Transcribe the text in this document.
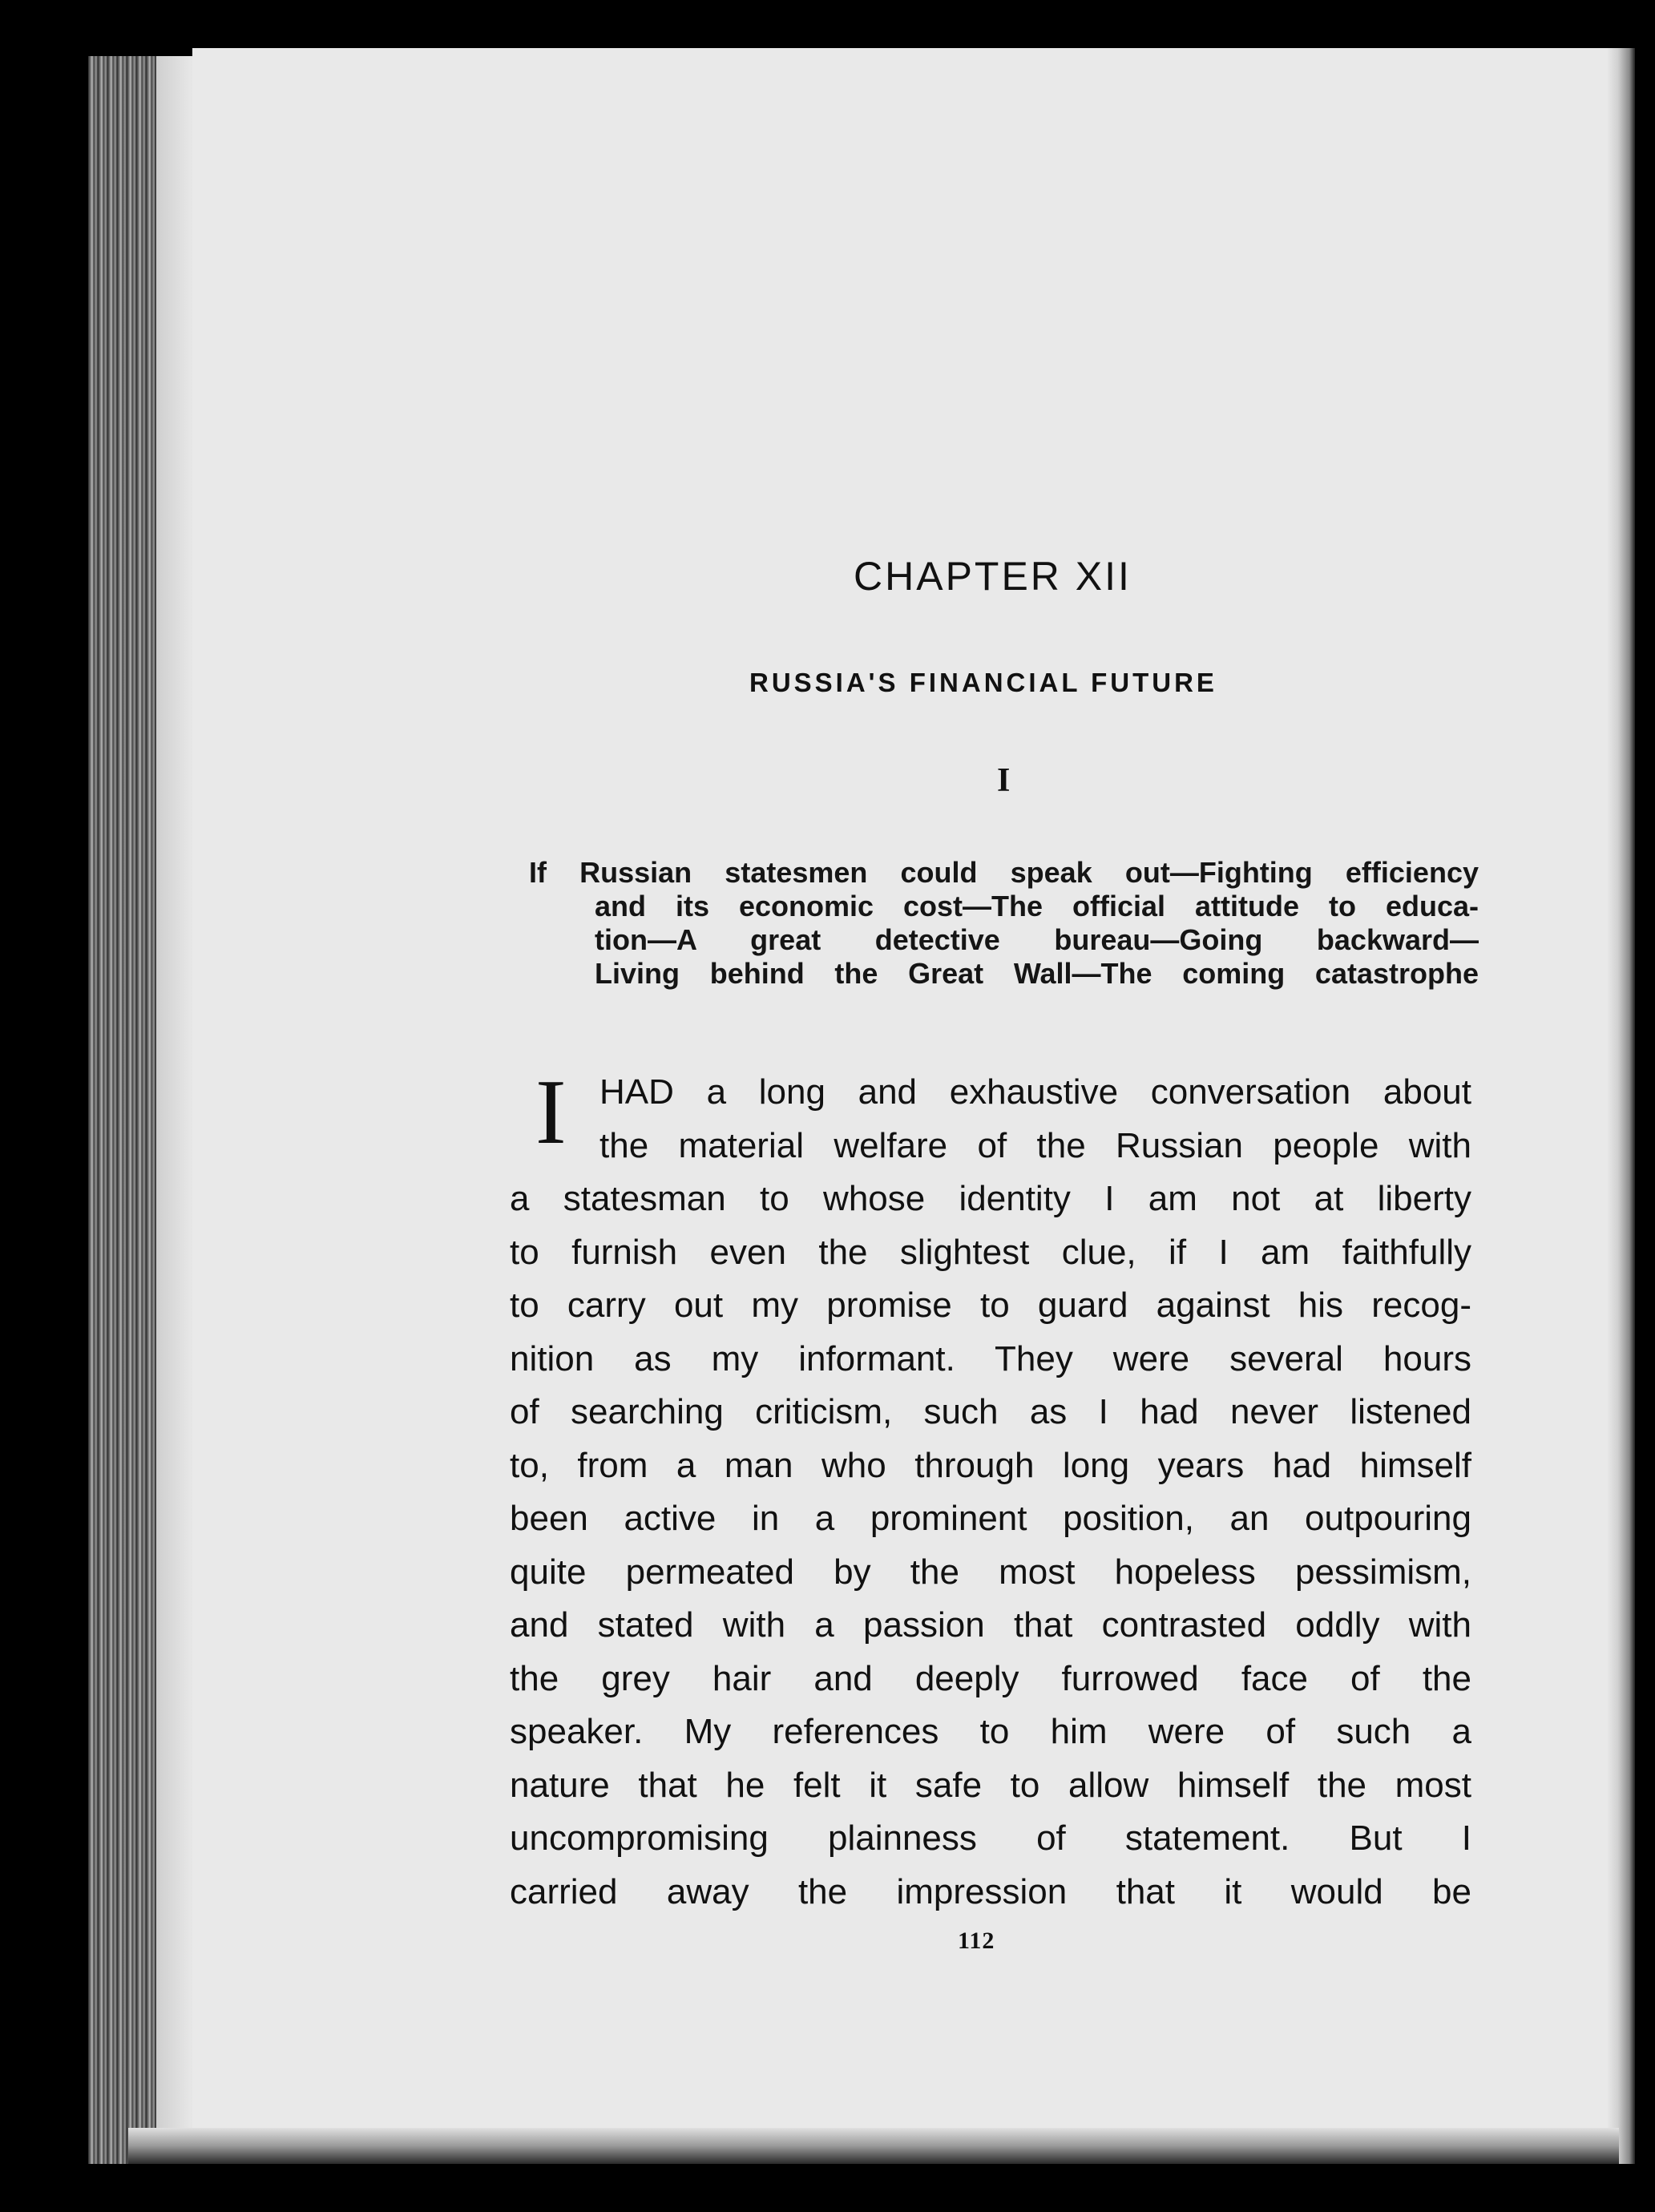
CHAPTER XII
RUSSIA'S FINANCIAL FUTURE
I
If Russian statesmen could speak out—Fighting efficiency
and its economic cost—The official attitude to educa-
tion—A great detective bureau—Going backward—
Living behind the Great Wall—The coming catastrophe
I HAD a long and exhaustive conversation about
the material welfare of the Russian people with
a statesman to whose identity I am not at liberty
to furnish even the slightest clue, if I am faithfully
to carry out my promise to guard against his recog-
nition as my informant. They were several hours
of searching criticism, such as I had never listened
to, from a man who through long years had himself
been active in a prominent position, an outpouring
quite permeated by the most hopeless pessimism,
and stated with a passion that contrasted oddly with
the grey hair and deeply furrowed face of the
speaker. My references to him were of such a
nature that he felt it safe to allow himself the most
uncompromising plainness of statement. But I
carried away the impression that it would be
112
